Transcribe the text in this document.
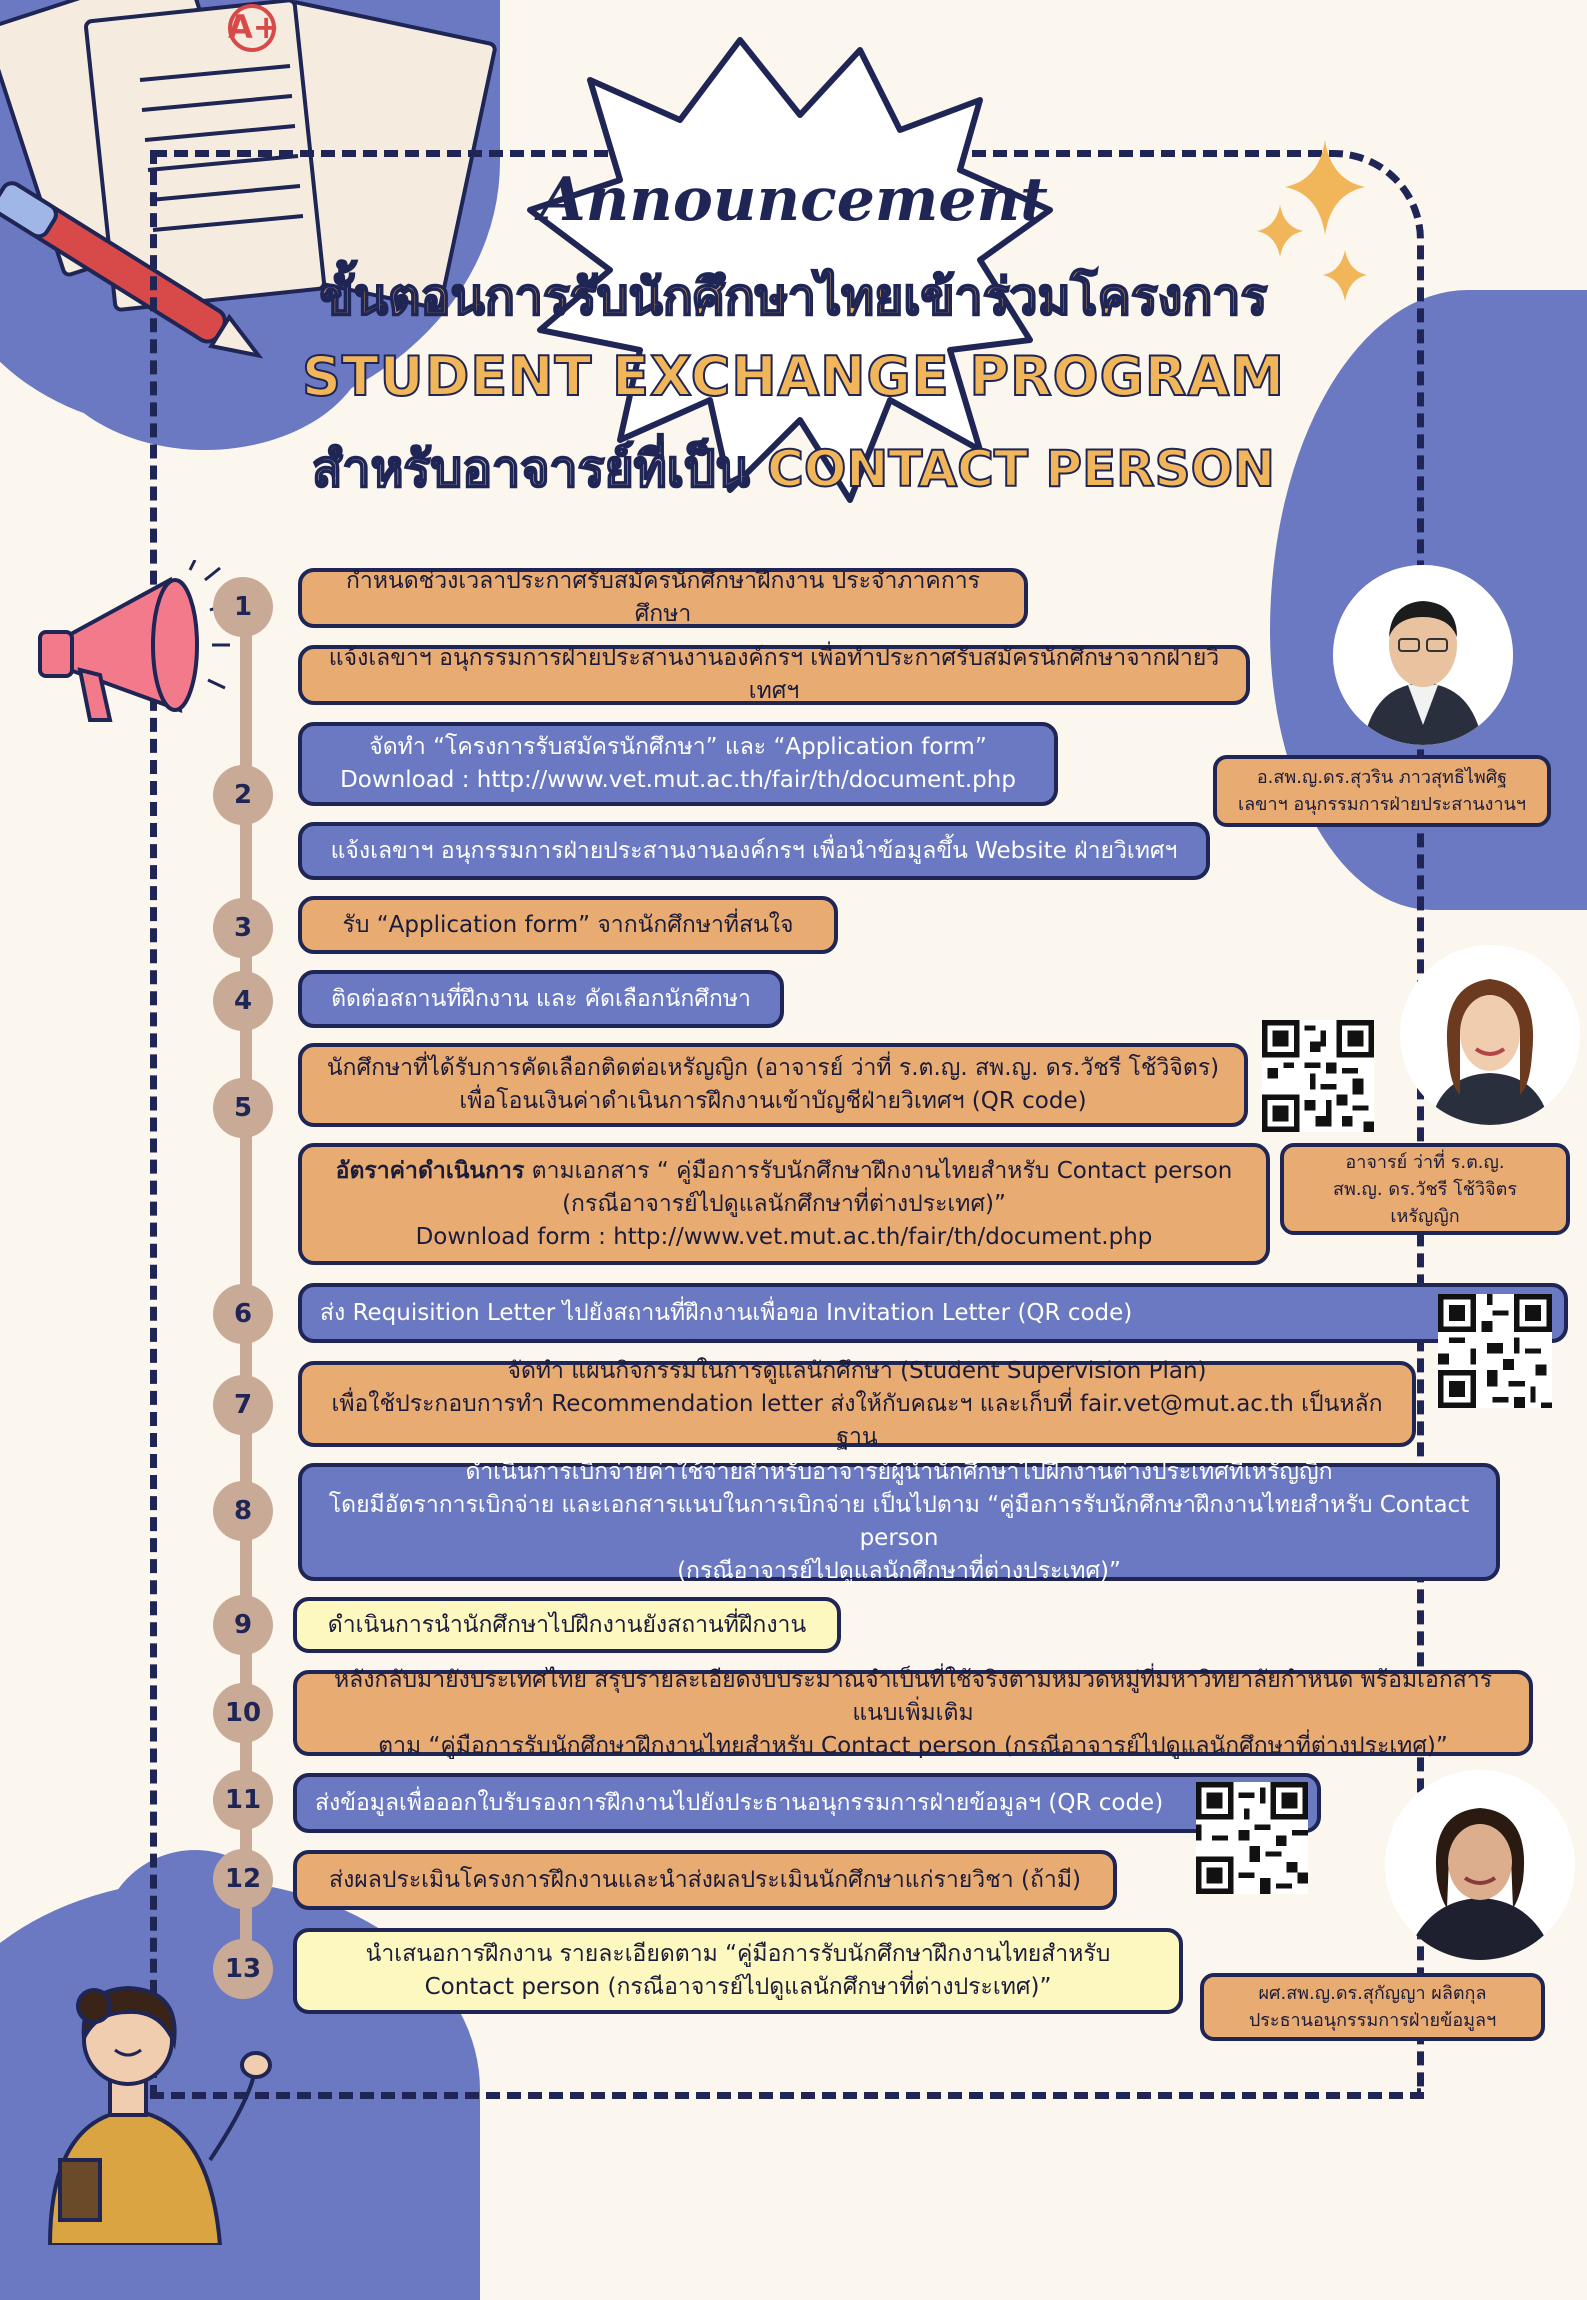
A+
Announcement
ขั้นตอนการรับนักศึกษาไทยเข้าร่วมโครงการ
STUDENT EXCHANGE PROGRAM
สำหรับอาจารย์ที่เป็น CONTACT PERSON
1
2
3
4
5
6
7
8
9
10
11
12
13
กำหนดช่วงเวลาประกาศรับสมัครนักศึกษาฝึกงาน ประจำภาคการศึกษา
แจ้งเลขาฯ อนุกรรมการฝ่ายประสานงานองค์กรฯ เพื่อทำประกาศรับสมัครนักศึกษาจากฝ่ายวิเทศฯ
จัดทำ “โครงการรับสมัครนักศึกษา” และ “Application form”
Download : http://www.vet.mut.ac.th/fair/th/document.php
แจ้งเลขาฯ อนุกรรมการฝ่ายประสานงานองค์กรฯ เพื่อนำข้อมูลขึ้น Website ฝ่ายวิเทศฯ
รับ “Application form” จากนักศึกษาที่สนใจ
ติดต่อสถานที่ฝึกงาน และ คัดเลือกนักศึกษา
นักศึกษาที่ได้รับการคัดเลือกติดต่อเหรัญญิก (อาจารย์ ว่าที่ ร.ต.ญ. สพ.ญ. ดร.วัชรี โช้วิจิตร)
เพื่อโอนเงินค่าดำเนินการฝึกงานเข้าบัญชีฝ่ายวิเทศฯ (QR code)
อัตราค่าดำเนินการ ตามเอกสาร “ คู่มือการรับนักศึกษาฝึกงานไทยสำหรับ Contact person
(กรณีอาจารย์ไปดูแลนักศึกษาที่ต่างประเทศ)”
Download form : http://www.vet.mut.ac.th/fair/th/document.php
ส่ง Requisition Letter ไปยังสถานที่ฝึกงานเพื่อขอ Invitation Letter (QR code)
จัดทำ แผนกิจกรรมในการดูแลนักศึกษา (Student Supervision Plan)
เพื่อใช้ประกอบการทำ Recommendation letter ส่งให้กับคณะฯ และเก็บที่ fair.vet@mut.ac.th เป็นหลักฐาน
ดำเนินการเบิกจ่ายค่าใช้จ่ายสำหรับอาจารย์ผู้นำนักศึกษาไปฝึกงานต่างประเทศที่เหรัญญิก
โดยมีอัตราการเบิกจ่าย และเอกสารแนบในการเบิกจ่าย เป็นไปตาม “คู่มือการรับนักศึกษาฝึกงานไทยสำหรับ Contact person
(กรณีอาจารย์ไปดูแลนักศึกษาที่ต่างประเทศ)”
ดำเนินการนำนักศึกษาไปฝึกงานยังสถานที่ฝึกงาน
หลังกลับมายังประเทศไทย สรุปรายละเอียดงบประมาณจำเป็นที่ใช้จริงตามหมวดหมู่ที่มหาวิทยาลัยกำหนด พร้อมเอกสารแนบเพิ่มเติม
ตาม “คู่มือการรับนักศึกษาฝึกงานไทยสำหรับ Contact person (กรณีอาจารย์ไปดูแลนักศึกษาที่ต่างประเทศ)”
ส่งข้อมูลเพื่อออกใบรับรองการฝึกงานไปยังประธานอนุกรรมการฝ่ายข้อมูลฯ (QR code)
ส่งผลประเมินโครงการฝึกงานและนำส่งผลประเมินนักศึกษาแก่รายวิชา (ถ้ามี)
นำเสนอการฝึกงาน รายละเอียดตาม “คู่มือการรับนักศึกษาฝึกงานไทยสำหรับ
Contact person (กรณีอาจารย์ไปดูแลนักศึกษาที่ต่างประเทศ)”
อ.สพ.ญ.ดร.สุวริน ภาวสุทธิไพศิฐ
เลขาฯ อนุกรรมการฝ่ายประสานงานฯ
อาจารย์ ว่าที่ ร.ต.ญ.
สพ.ญ. ดร.วัชรี โช้วิจิตร
เหรัญญิก
ผศ.สพ.ญ.ดร.สุกัญญา ผลิตกุล
ประธานอนุกรรมการฝ่ายข้อมูลฯ
